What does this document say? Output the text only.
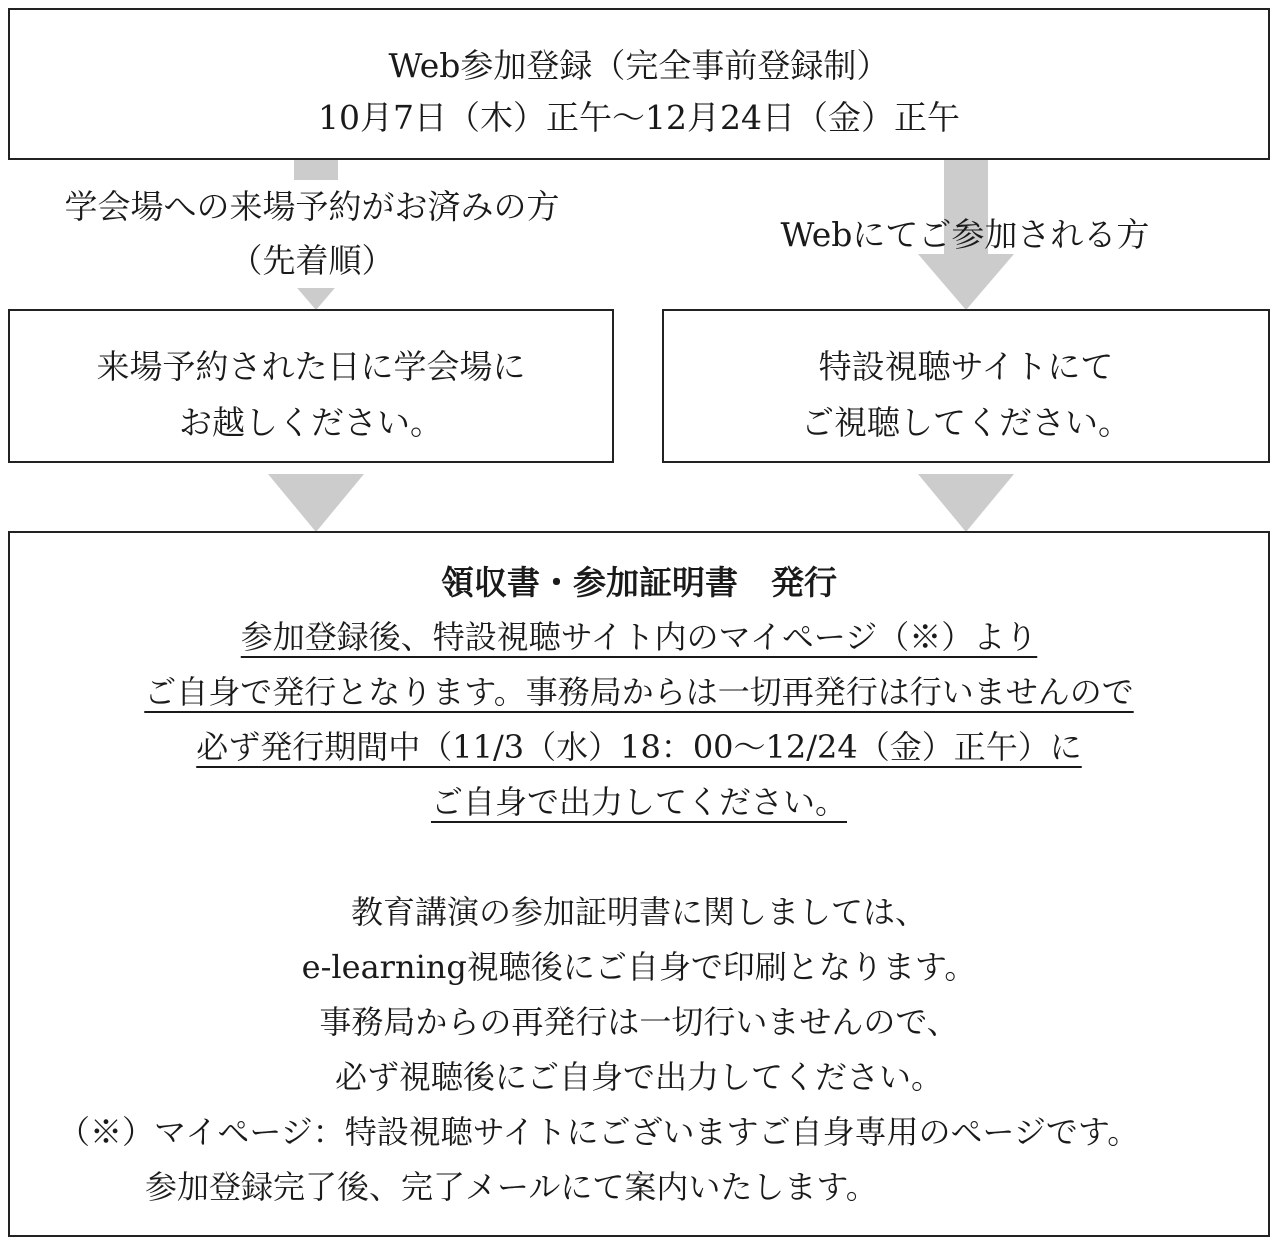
Web参加登録（完全事前登録制）
10月7日（木）正午～12月24日（金）正午
学会場への来場予約がお済みの方
（先着順）
Webにてご参加される方
来場予約された日に学会場に
お越しください。
特設視聴サイトにて
ご視聴してください。
領収書・参加証明書　発行
参加登録後、特設視聴サイト内のマイページ（※）より
ご自身で発行となります。事務局からは一切再発行は行いませんので
必ず発行期間中（11/3（水）18：00～12/24（金）正午）に
ご自身で出力してください。
教育講演の参加証明書に関しましては、
e-learning視聴後にご自身で印刷となります。
事務局からの再発行は一切行いませんので、
必ず視聴後にご自身で出力してください。
（※）マイページ：特設視聴サイトにございますご自身専用のページです。
参加登録完了後、完了メールにて案内いたします。
